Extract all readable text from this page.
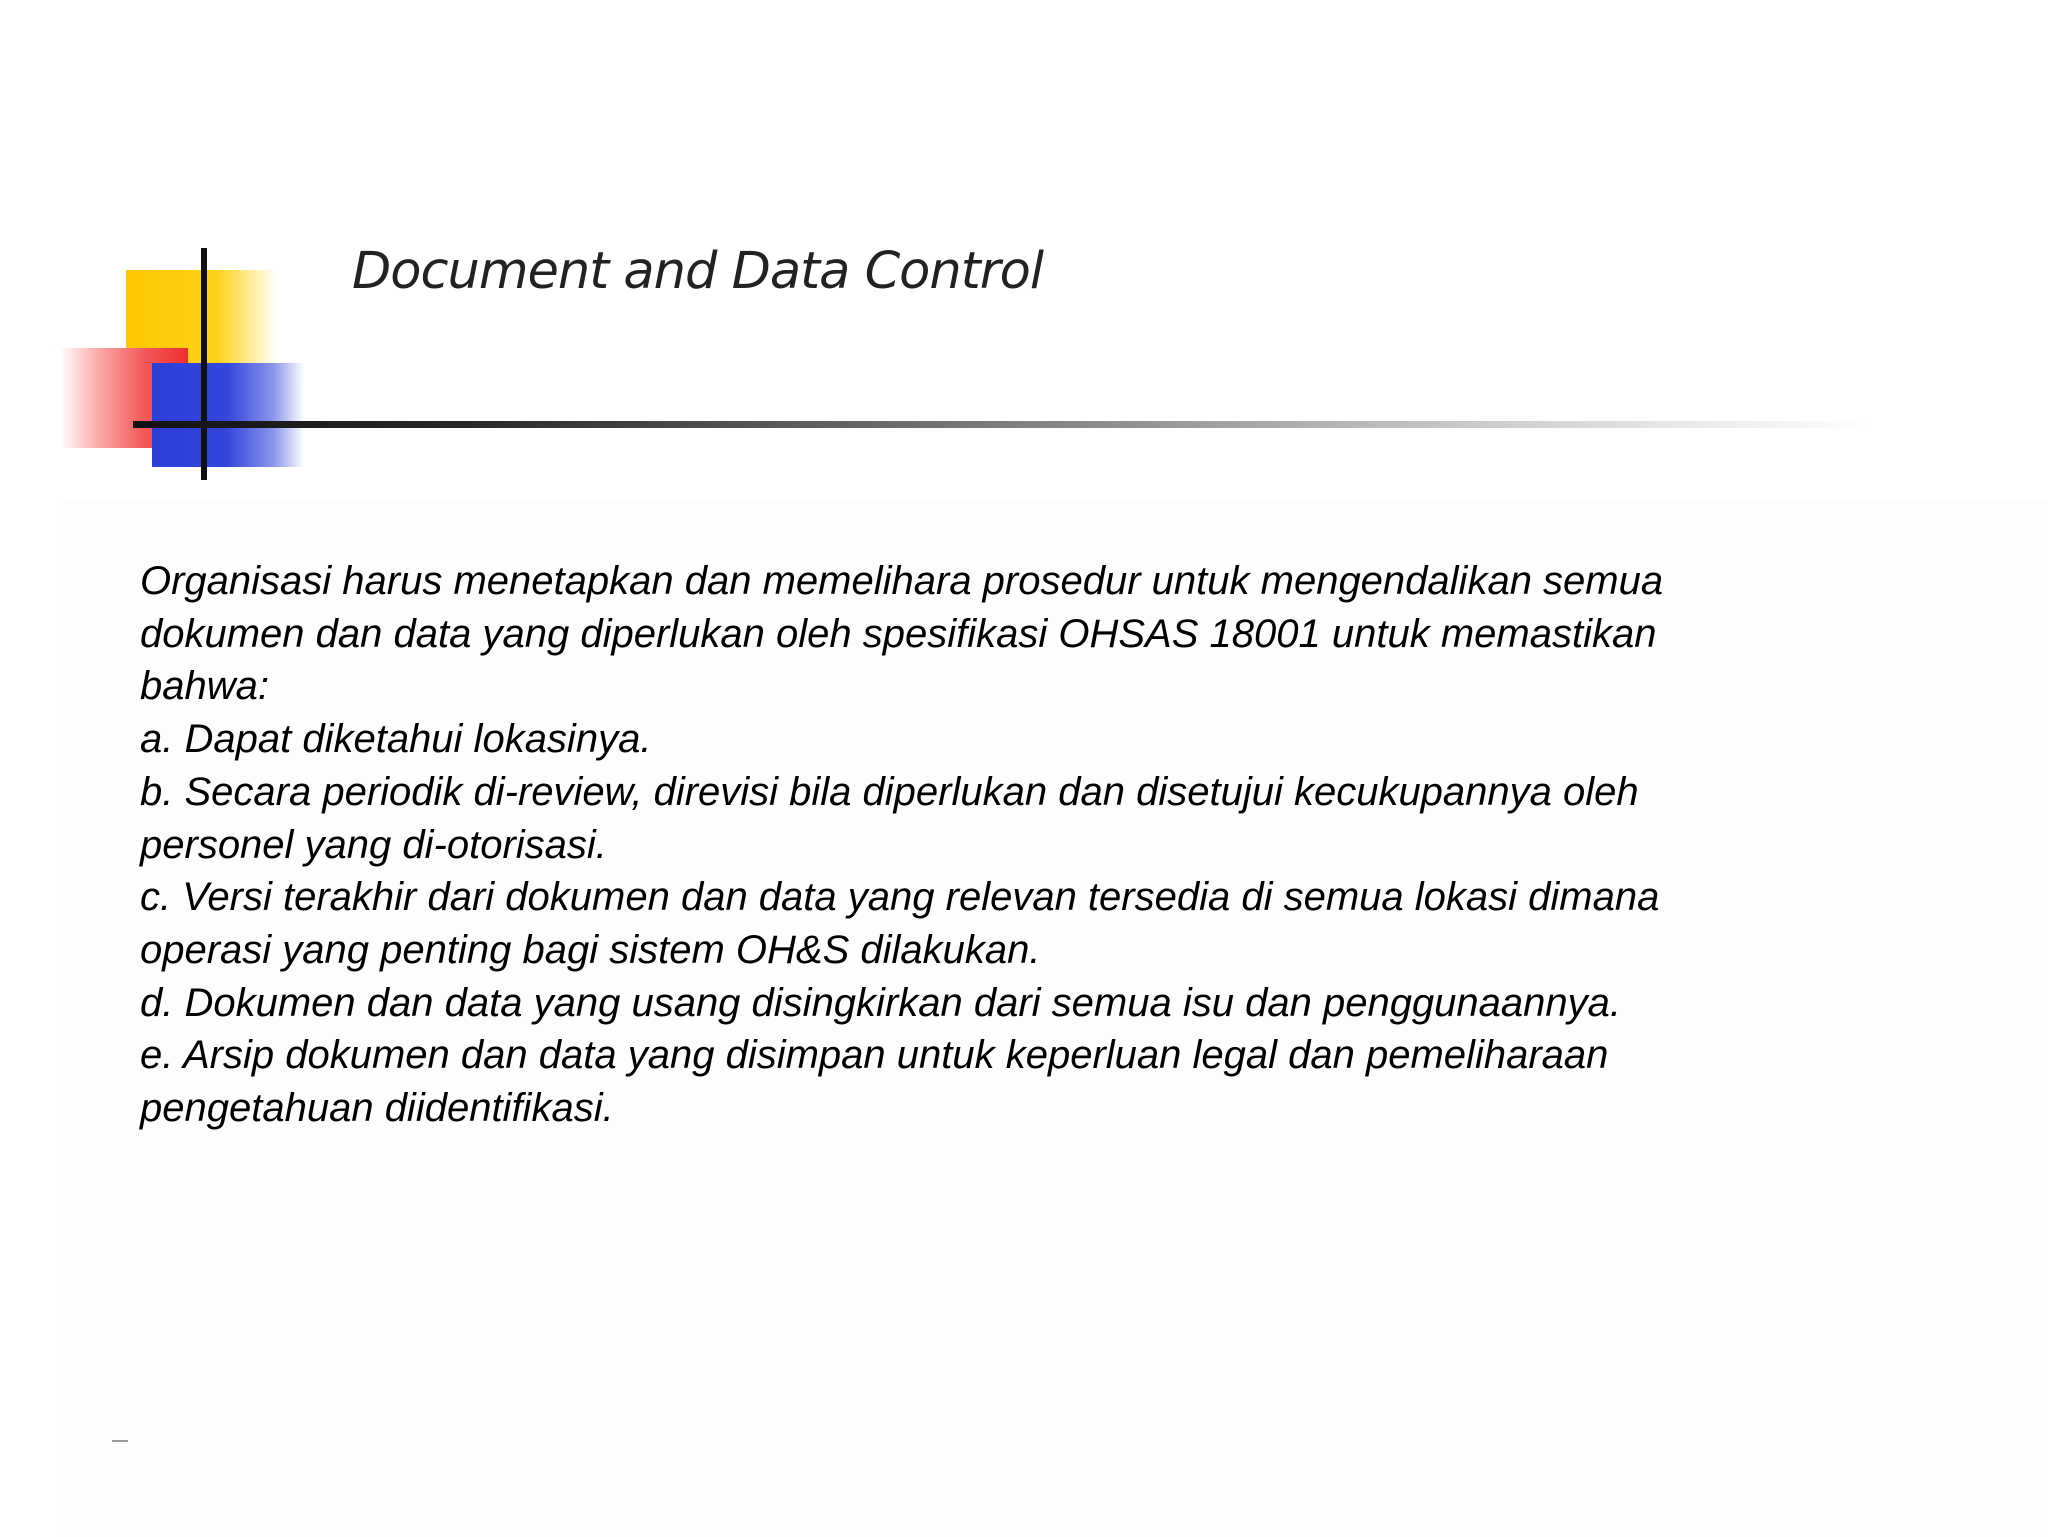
Document and Data Control

Organisasi harus menetapkan dan memelihara prosedur untuk mengendalikan semua
dokumen dan data yang diperlukan oleh spesifikasi OHSAS 18001 untuk memastikan
bahwa:

a. Dapat diketahui lokasinya.

b. Secara periodik di-review, direvisi bila diperlukan dan disetujui kecukupannya oleh
personel yang di-otorisasi.

c. Versi terakhir dari dokumen dan data yang relevan tersedia di semua lokasi dimana
operasi yang penting bagi sistem OH&S dilakukan.

d. Dokumen dan data yang usang disingkirkan dari semua isu dan penggunaannya.

e. Arsip dokumen dan data yang disimpan untuk keperluan legal dan pemeliharaan
pengetahuan diidentifikasi.
